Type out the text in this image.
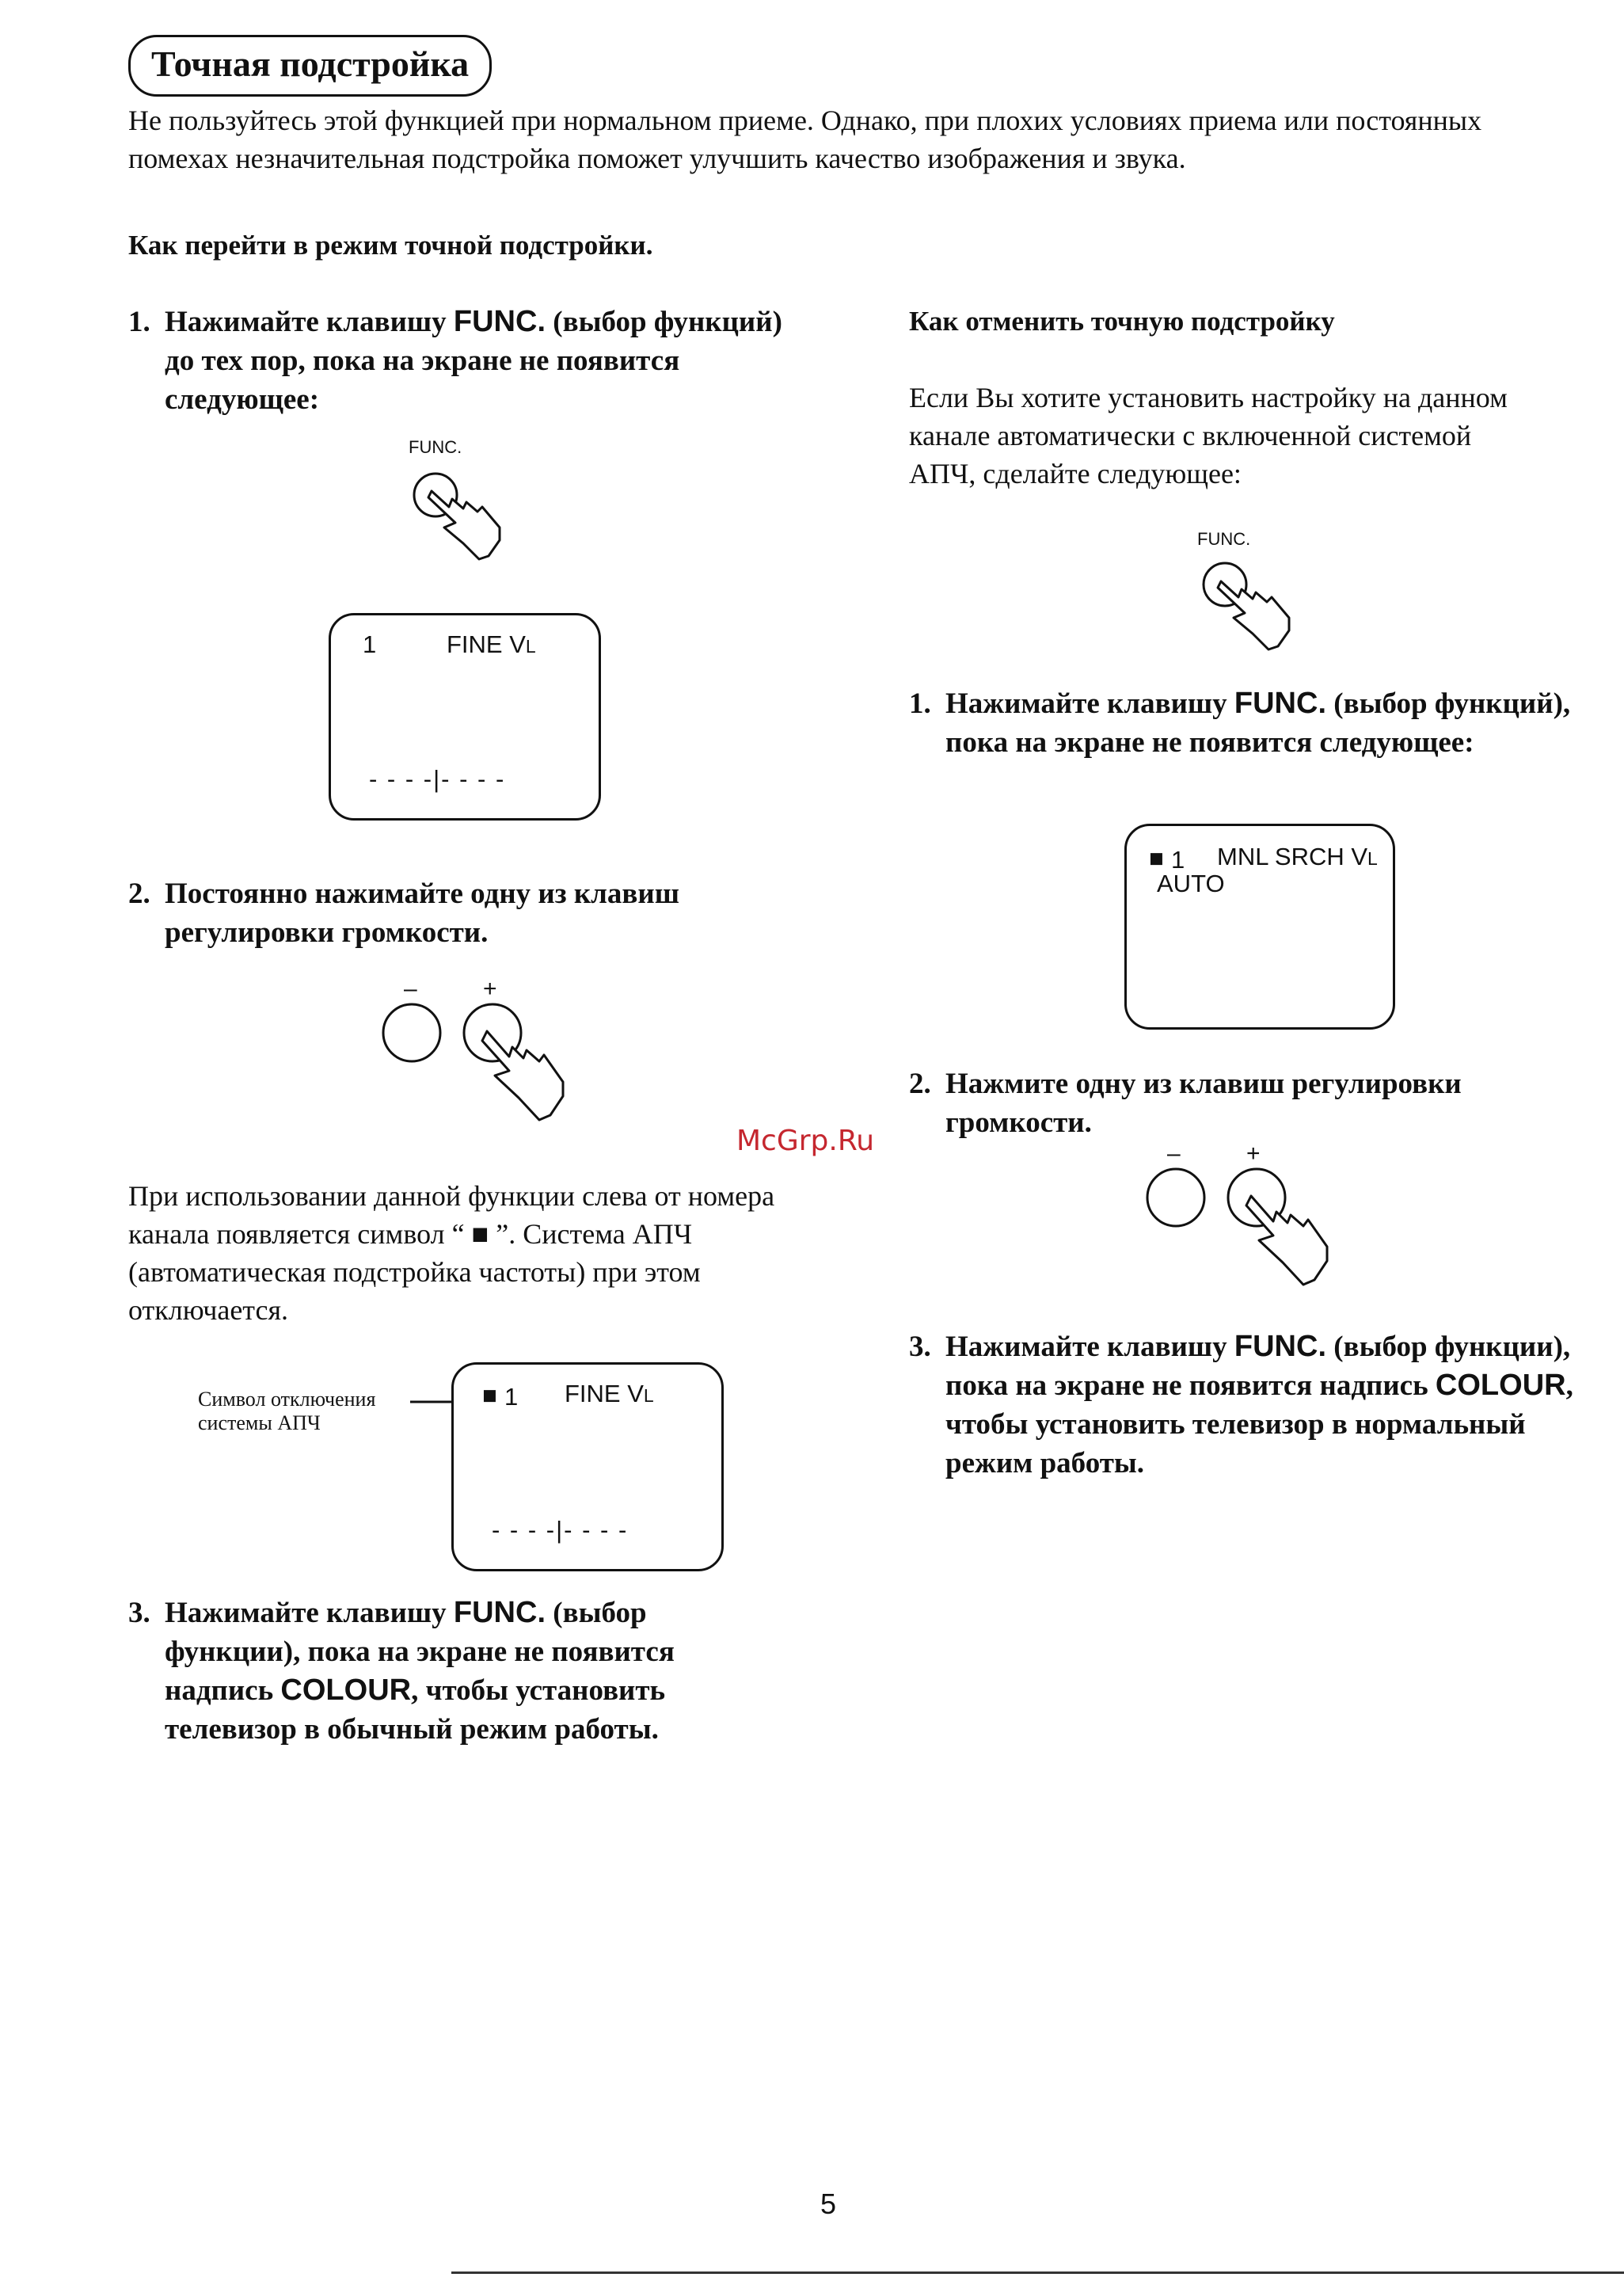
Точная подстройка
Не пользуйтесь этой функцией при нормальном приеме. Однако, при плохих условиях приема или постоянных помехах незначительная подстройка поможет улучшить качество изображения и звука.
Как перейти в режим точной подстройки.
1. Нажимайте клавишу FUNC. (выбор функций) до тех пор, пока на экране не появится следующее:
FUNC.
1	FINE VL
- - - -|- - - -
2. Постоянно нажимайте одну из клавиш регулировки громкости.
–	+
При использовании данной функции слева от номера канала появляется символ “ ■ ”. Система АПЧ (автоматическая подстройка частоты) при этом отключается.
Символ отключения системы АПЧ
■ 1 FINE VL
- - - -|- - - -
3. Нажимайте клавишу FUNC. (выбор функции), пока на экране не появится надпись COLOUR, чтобы установить телевизор в обычный режим работы.
Как отменить точную подстройку
Если Вы хотите установить настройку на данном канале автоматически с включенной системой АПЧ, сделайте следующее:
FUNC.
1. Нажимайте клавишу FUNC. (выбор функций), пока на экране не появится следующее:
■ 1 MNL SRCH VL
AUTO
2. Нажмите одну из клавиш регулировки громкости.
–	+
3. Нажимайте клавишу FUNC. (выбор функции), пока на экране не появится надпись COLOUR, чтобы установить телевизор в нормальный режим работы.
McGrp.Ru
5
